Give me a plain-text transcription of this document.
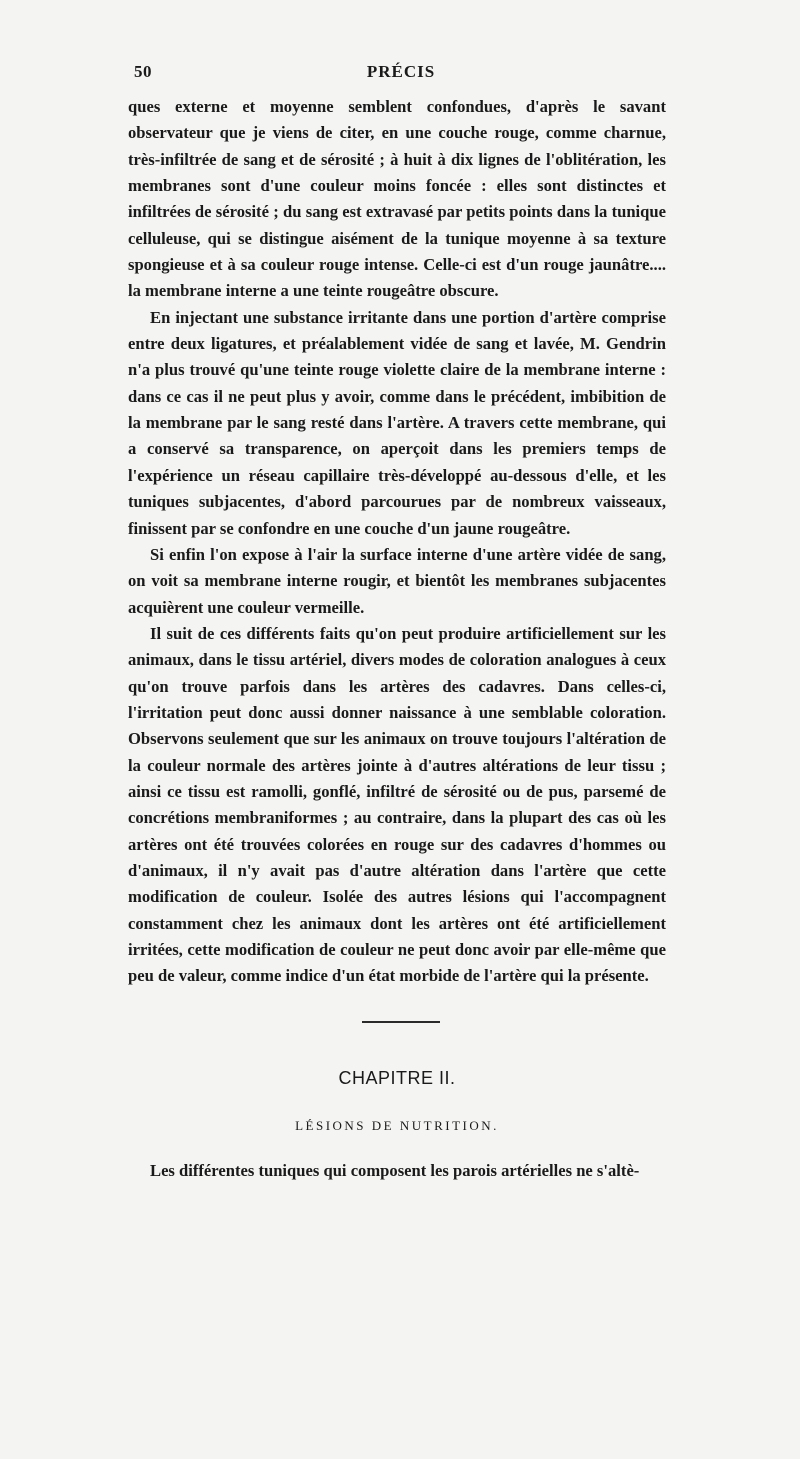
50	PRÉCIS

ques externe et moyenne semblent confondues, d'après le savant observateur que je viens de citer, en une couche rouge, comme charnue, très-infiltrée de sang et de sérosité ; à huit à dix lignes de l'oblitération, les membranes sont d'une couleur moins foncée : elles sont distinctes et infiltrées de sérosité ; du sang est extravasé par petits points dans la tunique celluleuse, qui se distingue aisément de la tunique moyenne à sa texture spongieuse et à sa couleur rouge intense. Celle-ci est d'un rouge jaunâtre.... la membrane interne a une teinte rougeâtre obscure.

En injectant une substance irritante dans une portion d'artère comprise entre deux ligatures, et préalablement vidée de sang et lavée, M. Gendrin n'a plus trouvé qu'une teinte rouge violette claire de la membrane interne : dans ce cas il ne peut plus y avoir, comme dans le précédent, imbibition de la membrane par le sang resté dans l'artère. A travers cette membrane, qui a conservé sa transparence, on aperçoit dans les premiers temps de l'expérience un réseau capillaire très-développé au-dessous d'elle, et les tuniques subjacentes, d'abord parcourues par de nombreux vaisseaux, finissent par se confondre en une couche d'un jaune rougeâtre.

Si enfin l'on expose à l'air la surface interne d'une artère vidée de sang, on voit sa membrane interne rougir, et bientôt les membranes subjacentes acquièrent une couleur vermeille.

Il suit de ces différents faits qu'on peut produire artificiellement sur les animaux, dans le tissu artériel, divers modes de coloration analogues à ceux qu'on trouve parfois dans les artères des cadavres. Dans celles-ci, l'irritation peut donc aussi donner naissance à une semblable coloration. Observons seulement que sur les animaux on trouve toujours l'altération de la couleur normale des artères jointe à d'autres altérations de leur tissu ; ainsi ce tissu est ramolli, gonflé, infiltré de sérosité ou de pus, parsemé de concrétions membraniformes ; au contraire, dans la plupart des cas où les artères ont été trouvées colorées en rouge sur des cadavres d'hommes ou d'animaux, il n'y avait pas d'autre altération dans l'artère que cette modification de couleur. Isolée des autres lésions qui l'accompagnent constamment chez les animaux dont les artères ont été artificiellement irritées, cette modification de couleur ne peut donc avoir par elle-même que peu de valeur, comme indice d'un état morbide de l'artère qui la présente.

CHAPITRE II.
LÉSIONS DE NUTRITION.
Les différentes tuniques qui composent les parois artérielles ne s'altè-
